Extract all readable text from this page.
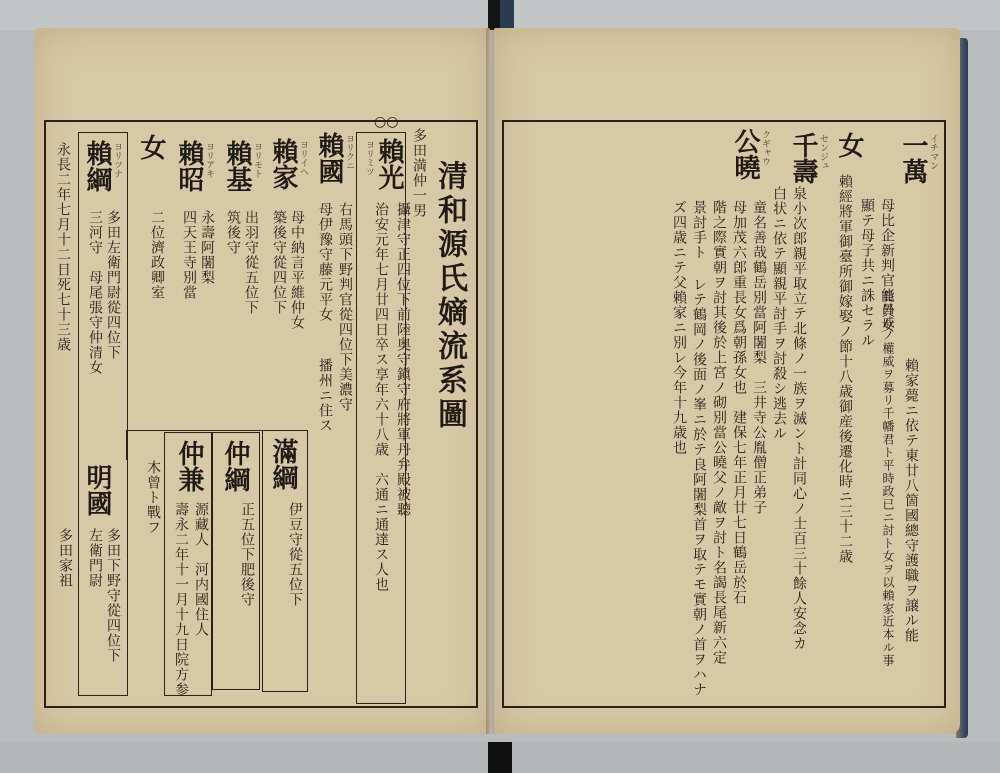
清和源氏嫡流系圖
多田満仲一男
○○
賴光
ヨリミツ
攝津守正四位下前陸奥守鎭守府將軍丹弁殿被聽
治安元年七月廿四日卒ス享年六十八歳　六通ニ通達ス人也
賴國 ヨリクニ
右馬頭下野判官從四位下美濃守
母伊豫守藤元平女
播州ニ住ス
賴家 ヨリイヘ
母中納言平維仲女
築後守從四位下
賴基 ヨリモト
出羽守從五位下
筑後守
賴昭 ヨリアキ
永壽阿闍梨
四天王寺別當
女
二位濟政卿室
賴綱 ヨリツナ
多田左衛門尉從四位下
三河守　母尾張守仲清女
永長二年七月十二日死七十三歳
滿綱
伊豆守從五位下
仲綱
正五位下肥後守
仲兼
源藏人　河内國住人
壽永二年十一月十九日院方参
木曾ト戰フ
明國
多田下野守從四位下
左衛門尉
多田家祖

一萬 イチマン
母比企新判官能員女
賴家薨ニ依テ東廿八箇國總守護職ヲ譲ル能
員外戚ノ權威ヲ募リ千幡君ト平時政已ニ討ト女ヲ以賴家近本ル事
顯テ母子共ニ誅セラル
女
賴經將軍御臺所御嫁娶ノ節十八歳御産後遷化時ニ三十二歳
千壽 センジュ
泉小次郎親平取立テ北條ノ一族ヲ滅ント計同心ノ士百三十餘人安念カ
白状ニ依テ顯親平討手ヲ討殺シ逃去ル
公曉 クギャウ
童名善哉鶴岳別當阿闍梨　三井寺公胤僧正弟子
母加茂六郎重長女爲朝孫女也　建保七年正月廿七日鶴岳於石
階之際實朝ヲ討其後於上宮ノ砌別當公曉父ノ敵ヲ討ト名謁長尾新六定
景討手ト レテ鶴岡ノ後面ノ峯ニ於テ良阿闍梨首ヲ取テモ實朝ノ首ヲハナ
ズ四歳ニテ父賴家ニ別レ今年十九歳也
